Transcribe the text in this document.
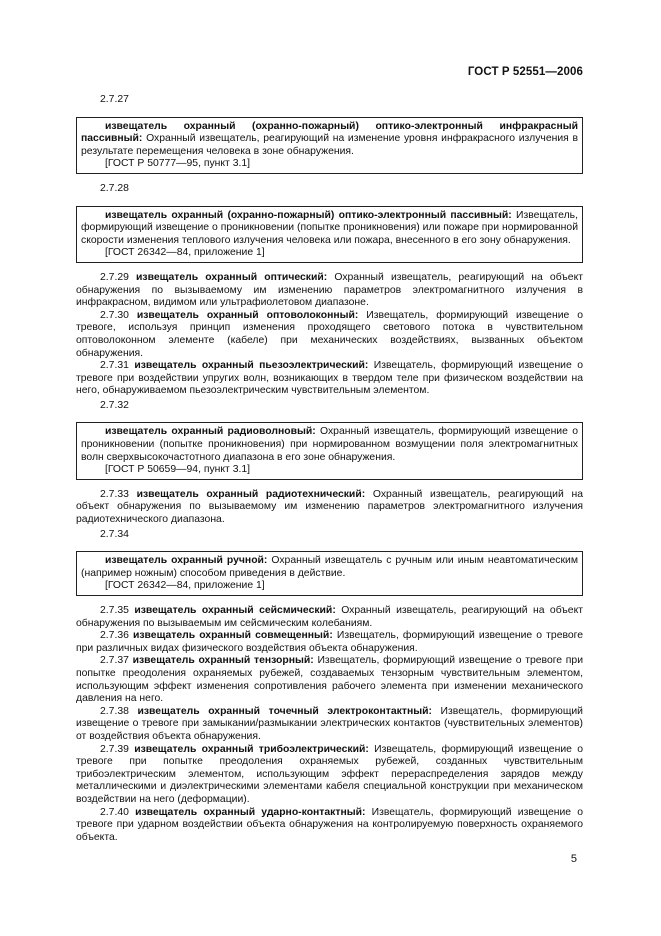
ГОСТ Р 52551—2006

2.7.27

извещатель охранный (охранно-пожарный) оптико-электронный инфракрасный пассивный: Охранный извещатель, реагирующий на изменение уровня инфракрасного излучения в результате перемещения человека в зоне обнаружения.

[ГОСТ Р 50777—95, пункт 3.1]

2.7.28

извещатель охранный (охранно-пожарный) оптико-электронный пассивный: Извещатель, формирующий извещение о проникновении (попытке проникновения) или пожаре при нормированной скорости изменения теплового излучения человека или пожара, внесенного в его зону обнаружения.

[ГОСТ 26342—84, приложение 1]

2.7.29 извещатель охранный оптический: Охранный извещатель, реагирующий на объект обнаружения по вызываемому им изменению параметров электромагнитного излучения в инфракрасном, видимом или ультрафиолетовом диапазоне.

2.7.30 извещатель охранный оптоволоконный: Извещатель, формирующий извещение о тревоге, используя принцип изменения проходящего светового потока в чувствительном оптоволоконном элементе (кабеле) при механических воздействиях, вызванных объектом обнаружения.

2.7.31 извещатель охранный пьезоэлектрический: Извещатель, формирующий извещение о тревоге при воздействии упругих волн, возникающих в твердом теле при физическом воздействии на него, обнаруживаемом пьезоэлектрическим чувствительным элементом.

2.7.32

извещатель охранный радиоволновый: Охранный извещатель, формирующий извещение о проникновении (попытке проникновения) при нормированном возмущении поля электромагнитных волн сверхвысокочастотного диапазона в его зоне обнаружения.

[ГОСТ Р 50659—94, пункт 3.1]

2.7.33 извещатель охранный радиотехнический: Охранный извещатель, реагирующий на объект обнаружения по вызываемому им изменению параметров электромагнитного излучения радиотехнического диапазона.

2.7.34

извещатель охранный ручной: Охранный извещатель с ручным или иным неавтоматическим (например ножным) способом приведения в действие.

[ГОСТ 26342—84, приложение 1]

2.7.35 извещатель охранный сейсмический: Охранный извещатель, реагирующий на объект обнаружения по вызываемым им сейсмическим колебаниям.

2.7.36 извещатель охранный совмещенный: Извещатель, формирующий извещение о тревоге при различных видах физического воздействия объекта обнаружения.

2.7.37 извещатель охранный тензорный: Извещатель, формирующий извещение о тревоге при попытке преодоления охраняемых рубежей, создаваемых тензорным чувствительным элементом, использующим эффект изменения сопротивления рабочего элемента при изменении механического давления на него.

2.7.38 извещатель охранный точечный электроконтактный: Извещатель, формирующий извещение о тревоге при замыкании/размыкании электрических контактов (чувствительных элементов) от воздействия объекта обнаружения.

2.7.39 извещатель охранный трибоэлектрический: Извещатель, формирующий извещение о тревоге при попытке преодоления охраняемых рубежей, созданных чувствительным трибоэлектрическим элементом, использующим эффект перераспределения зарядов между металлическими и диэлектрическими элементами кабеля специальной конструкции при механическом воздействии на него (деформации).

2.7.40 извещатель охранный ударно-контактный: Извещатель, формирующий извещение о тревоге при ударном воздействии объекта обнаружения на контролируемую поверхность охраняемого объекта.

5
